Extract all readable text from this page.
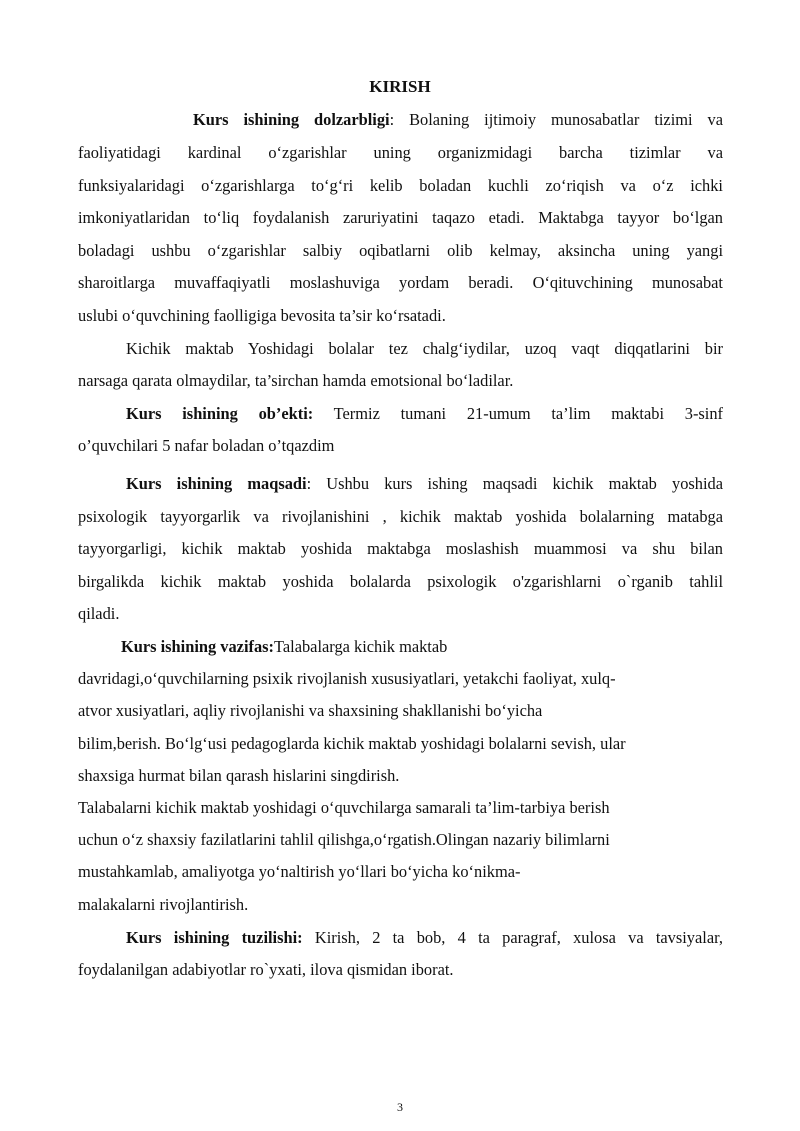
KIRISH
Kurs ishining dolzarbligi: Bolaning ijtimoiy munosabatlar tizimi va
faoliyatidagi kardinal o‘zgarishlar uning organizmidagi barcha tizimlar va
funksiyalaridagi o‘zgarishlarga to‘g‘ri kelib boladan kuchli zo‘riqish va o‘z ichki
imkoniyatlaridan to‘liq foydalanish zaruriyatini taqazo etadi. Maktabga tayyor bo‘lgan
boladagi ushbu o‘zgarishlar salbiy oqibatlarni olib kelmay, aksincha uning yangi
sharoitlarga muvaffaqiyatli moslashuviga yordam beradi. O‘qituvchining munosabat
uslubi o‘quvchining faolligiga bevosita ta’sir ko‘rsatadi.
Kichik maktab Yoshidagi bolalar tez chalg‘iydilar, uzoq vaqt diqqatlarini bir
narsaga qarata olmaydilar, ta’sirchan hamda emotsional bo‘ladilar.
Kurs ishining ob’ekti: Termiz tumani 21-umum ta’lim maktabi 3-sinf
o’quvchilari 5 nafar boladan o’tqazdim
Kurs ishining maqsadi: Ushbu kurs ishing maqsadi kichik maktab yoshida
psixologik tayyorgarlik va rivojlanishini , kichik maktab yoshida bolalarning matabga
tayyorgarligi, kichik maktab yoshida maktabga moslashish muammosi va shu bilan
birgalikda kichik maktab yoshida bolalarda psixologik o'zgarishlarni o`rganib tahlil
qiladi.
Kurs ishining vazifas:Talabalarga kichik maktab
davridagi,o‘quvchilarning psixik rivojlanish xususiyatlari, yetakchi faoliyat, xulq-
atvor xusiyatlari, aqliy rivojlanishi va shaxsining shakllanishi bo‘yicha
bilim,berish. Bo‘lg‘usi pedagoglarda kichik maktab yoshidagi bolalarni sevish, ular
shaxsiga hurmat bilan qarash hislarini singdirish.
Talabalarni kichik maktab yoshidagi o‘quvchilarga samarali ta’lim-tarbiya berish
uchun o‘z shaxsiy fazilatlarini tahlil qilishga,o‘rgatish.Olingan nazariy bilimlarni
mustahkamlab, amaliyotga yo‘naltirish yo‘llari bo‘yicha ko‘nikma-
malakalarni rivojlantirish.
Kurs ishining tuzilishi: Kirish, 2 ta bob, 4 ta paragraf, xulosa va tavsiyalar,
foydalanilgan adabiyotlar ro`yxati, ilova qismidan iborat.
3
